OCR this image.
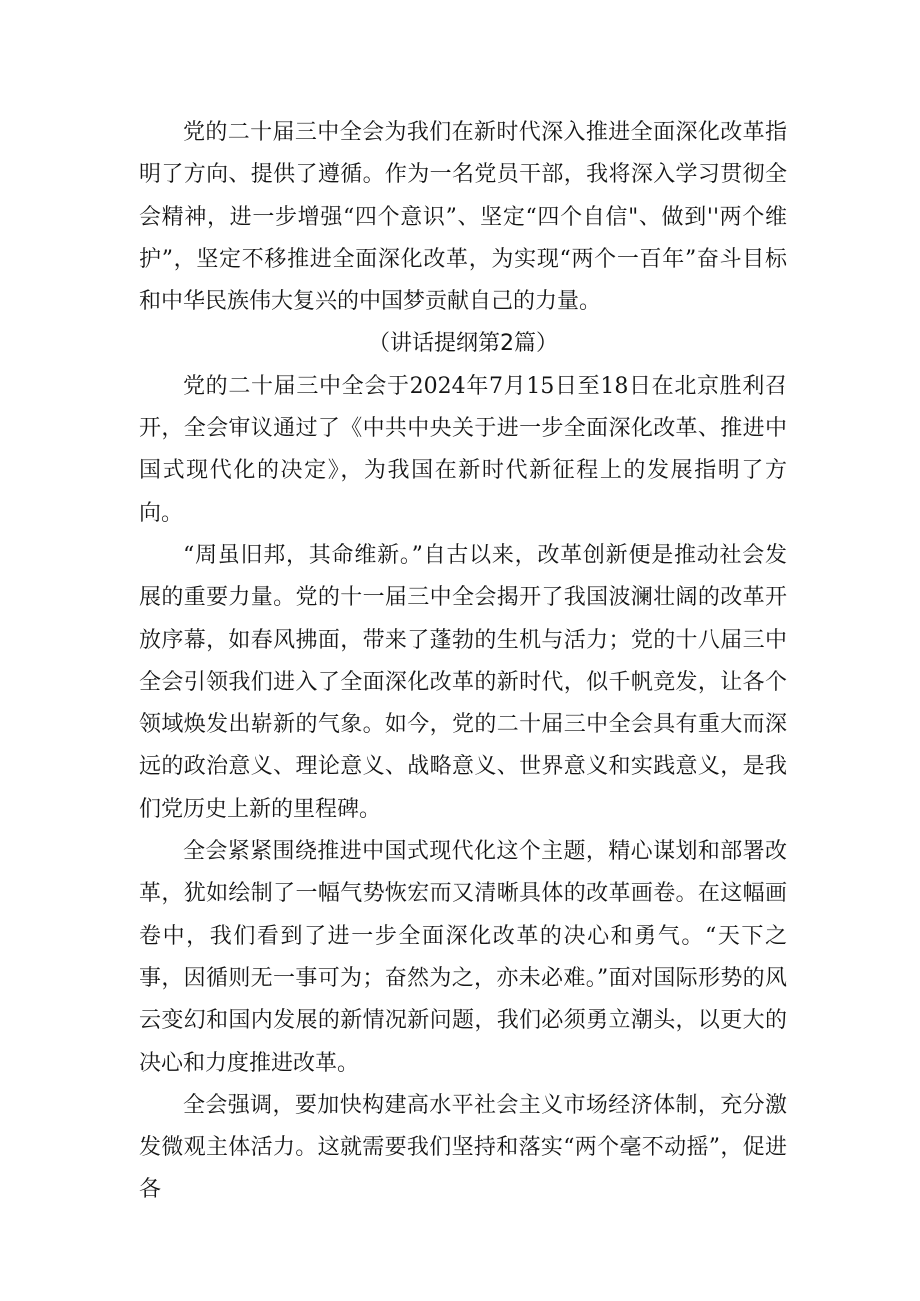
党的二十届三中全会为我们在新时代深入推进全面深化改革指明了方向、提供了遵循。作为一名党员干部，我将深入学习贯彻全会精神，进一步增强“四个意识”、坚定“四个自信"、做到''两个维护”，坚定不移推进全面深化改革，为实现“两个一百年”奋斗目标和中华民族伟大复兴的中国梦贡献自己的力量。

（讲话提纲第2篇）

党的二十届三中全会于2024年7月15日至18日在北京胜利召开，全会审议通过了《中共中央关于进一步全面深化改革、推进中国式现代化的决定》，为我国在新时代新征程上的发展指明了方向。

“周虽旧邦，其命维新。”自古以来，改革创新便是推动社会发展的重要力量。党的十一届三中全会揭开了我国波澜壮阔的改革开放序幕，如春风拂面，带来了蓬勃的生机与活力；党的十八届三中全会引领我们进入了全面深化改革的新时代，似千帆竞发，让各个领域焕发出崭新的气象。如今，党的二十届三中全会具有重大而深远的政治意义、理论意义、战略意义、世界意义和实践意义，是我们党历史上新的里程碑。

全会紧紧围绕推进中国式现代化这个主题，精心谋划和部署改革，犹如绘制了一幅气势恢宏而又清晰具体的改革画卷。在这幅画卷中，我们看到了进一步全面深化改革的决心和勇气。“天下之事，因循则无一事可为；奋然为之，亦未必难。”面对国际形势的风云变幻和国内发展的新情况新问题，我们必须勇立潮头，以更大的决心和力度推进改革。

全会强调，要加快构建高水平社会主义市场经济体制，充分激发微观主体活力。这就需要我们坚持和落实“两个毫不动摇”，促进各
